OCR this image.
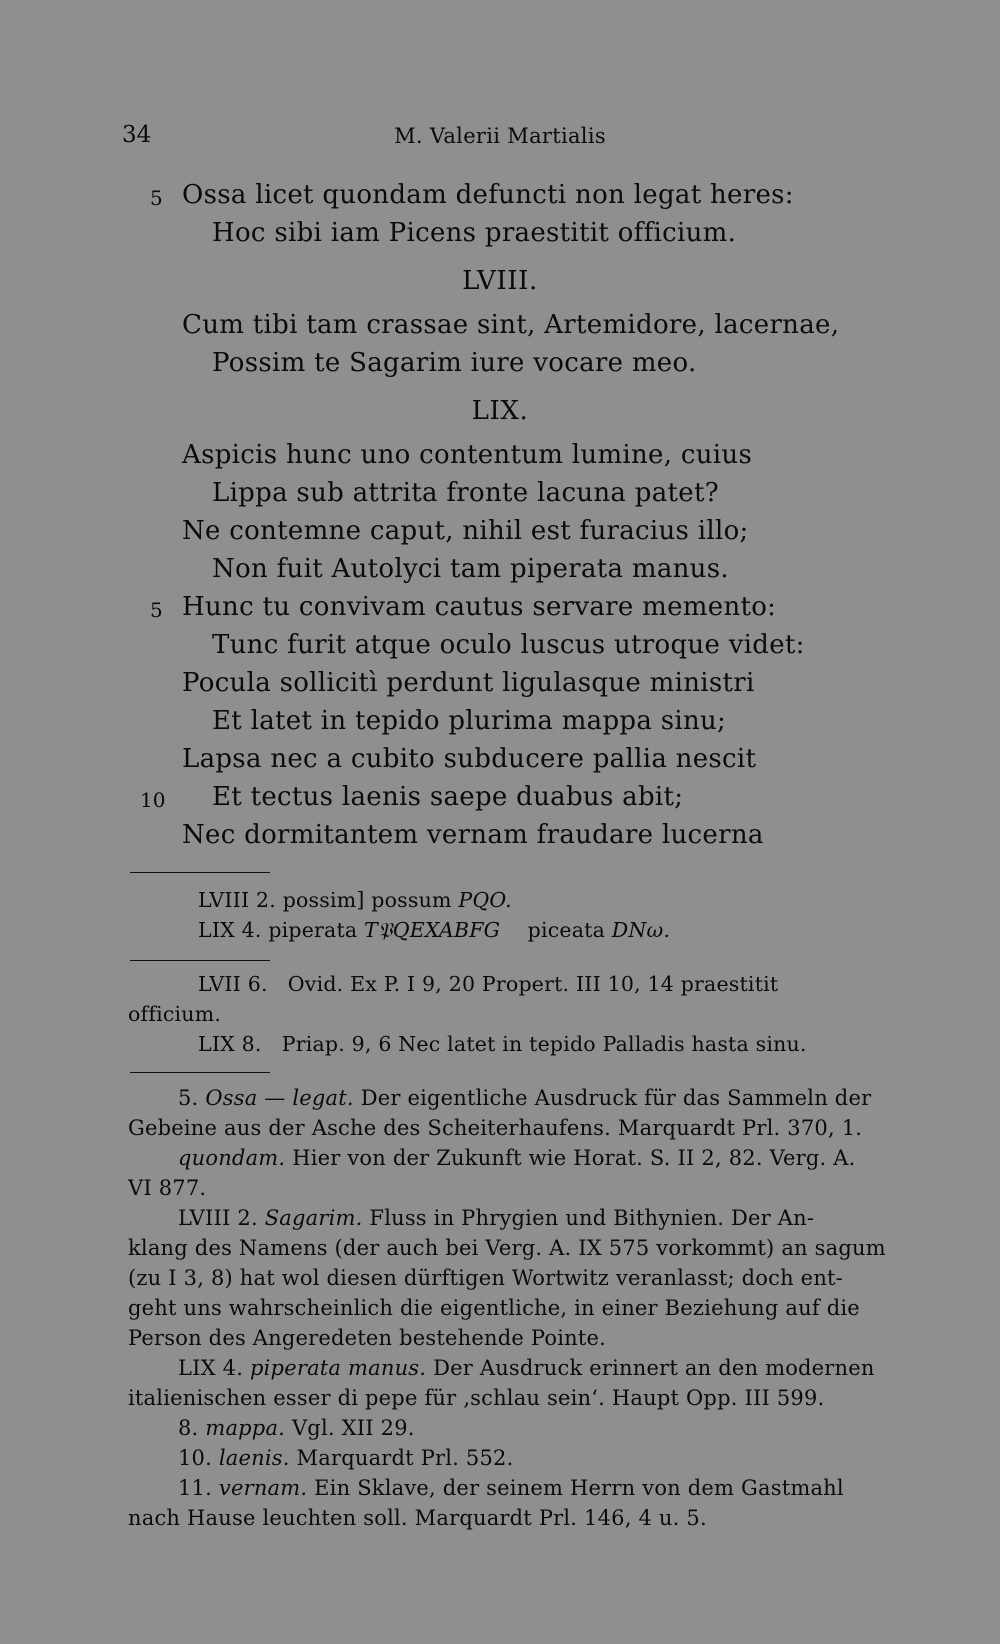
34	M. Valerii Martialis
5 Ossa licet quondam defuncti non legat heres:
Hoc sibi iam Picens praestitit officium.
LVIII.
Cum tibi tam crassae sint, Artemidore, lacernae,
Possim te Sagarim iure vocare meo.
LIX.
Aspicis hunc uno contentum lumine, cuius
Lippa sub attrita fronte lacuna patet?
Ne contemne caput, nihil est furacius illo;
Non fuit Autolyci tam piperata manus.
5 Hunc tu convivam cautus servare memento:
Tunc furit atque oculo luscus utroque videt:
Pocula sollicitì perdunt ligulasque ministri
Et latet in tepido plurima mappa sinu;
Lapsa nec a cubito subducere pallia nescit
10 Et tectus laenis saepe duabus abit;
Nec dormitantem vernam fraudare lucerna
LVIII 2. possim] possum PQO.
LIX 4. piperata T𝔓QEXABFG piceata DNω.
LVII 6.   Ovid. Ex P. I 9, 20 Propert. III 10, 14 praestitit
officium.
LIX 8.   Priap. 9, 6 Nec latet in tepido Palladis hasta sinu.
5. Ossa — legat. Der eigentliche Ausdruck für das Sammeln der
Gebeine aus der Asche des Scheiterhaufens. Marquardt Prl. 370, 1.
quondam. Hier von der Zukunft wie Horat. S. II 2, 82. Verg. A.
VI 877.
LVIII 2. Sagarim. Fluss in Phrygien und Bithynien. Der An-
klang des Namens (der auch bei Verg. A. IX 575 vorkommt) an sagum
(zu I 3, 8) hat wol diesen dürftigen Wortwitz veranlasst; doch ent-
geht uns wahrscheinlich die eigentliche, in einer Beziehung auf die
Person des Angeredeten bestehende Pointe.
LIX 4. piperata manus. Der Ausdruck erinnert an den modernen
italienischen esser di pepe für ‚schlau sein‘. Haupt Opp. III 599.
8. mappa. Vgl. XII 29.
10. laenis. Marquardt Prl. 552.
11. vernam. Ein Sklave, der seinem Herrn von dem Gastmahl
nach Hause leuchten soll. Marquardt Prl. 146, 4 u. 5.
